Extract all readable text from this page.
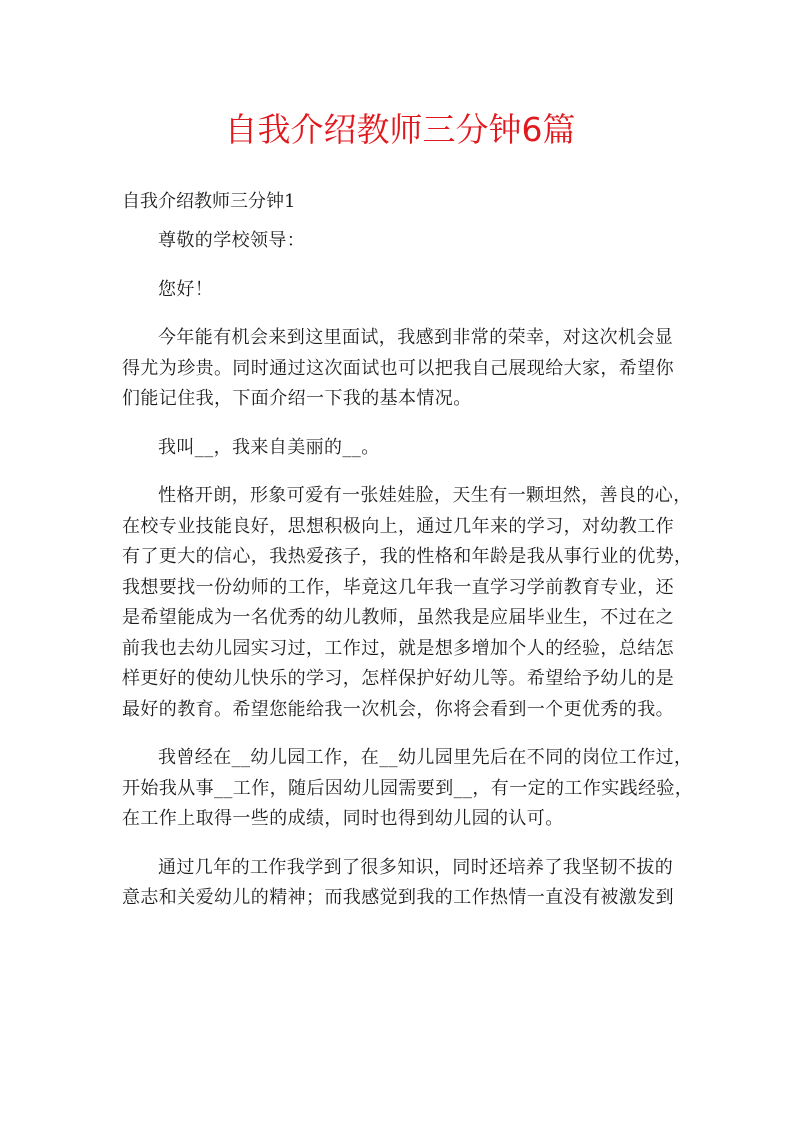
自我介绍教师三分钟6篇
自我介绍教师三分钟1

尊敬的学校领导：

您好！

今年能有机会来到这里面试，我感到非常的荣幸，对这次机会显
得尤为珍贵。同时通过这次面试也可以把我自己展现给大家，希望你
们能记住我，下面介绍一下我的基本情况。

我叫__，我来自美丽的__。

性格开朗，形象可爱有一张娃娃脸，天生有一颗坦然，善良的心，
在校专业技能良好，思想积极向上，通过几年来的学习，对幼教工作
有了更大的信心，我热爱孩子，我的性格和年龄是我从事行业的优势，
我想要找一份幼师的工作，毕竟这几年我一直学习学前教育专业，还
是希望能成为一名优秀的幼儿教师，虽然我是应届毕业生，不过在之
前我也去幼儿园实习过，工作过，就是想多增加个人的经验，总结怎
样更好的使幼儿快乐的学习，怎样保护好幼儿等。希望给予幼儿的是
最好的教育。希望您能给我一次机会，你将会看到一个更优秀的我。

我曾经在__幼儿园工作，在__幼儿园里先后在不同的岗位工作过，
开始我从事__工作，随后因幼儿园需要到__，有一定的工作实践经验，
在工作上取得一些的成绩，同时也得到幼儿园的认可。

通过几年的工作我学到了很多知识，同时还培养了我坚韧不拔的
意志和关爱幼儿的精神；而我感觉到我的工作热情一直没有被激发到
